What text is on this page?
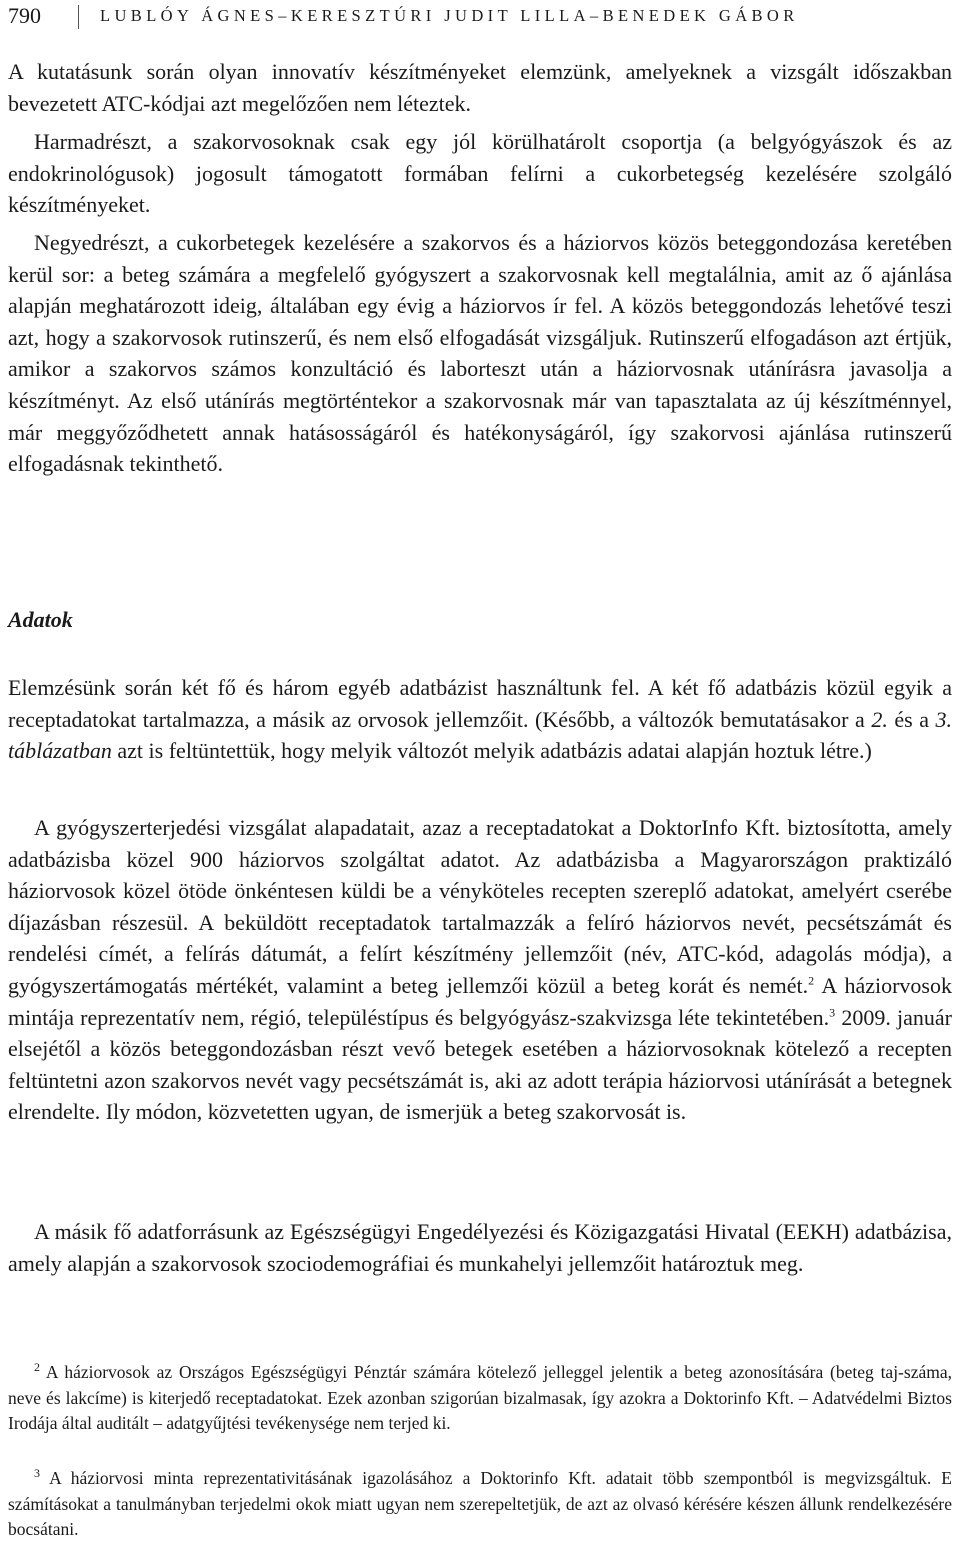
790	LUBLÓY ÁGNES–KERESZTÚRI JUDIT LILLA–BENEDEK GÁBOR

A kutatásunk során olyan innovatív készítményeket elemzünk, amelyeknek a vizsgált időszakban bevezetett ATC-kódjai azt megelőzően nem léteztek.

Harmadrészt, a szakorvosoknak csak egy jól körülhatárolt csoportja (a belgyógyászok és az endokrinológusok) jogosult támogatott formában felírni a cukorbetegség kezelésére szolgáló készítményeket.

Negyedrészt, a cukorbetegek kezelésére a szakorvos és a háziorvos közös beteggondozása keretében kerül sor: a beteg számára a megfelelő gyógyszert a szakorvosnak kell megtalálnia, amit az ő ajánlása alapján meghatározott ideig, általában egy évig a háziorvos ír fel. A közös beteggondozás lehetővé teszi azt, hogy a szakorvosok rutinszerű, és nem első elfogadását vizsgáljuk. Rutinszerű elfogadáson azt értjük, amikor a szakorvos számos konzultáció és laborteszt után a háziorvosnak utánírásra javasolja a készítményt. Az első utánírás megtörténtekor a szakorvosnak már van tapasztalata az új készítménnyel, már meggyőződhetett annak hatásosságáról és hatékonyságáról, így szakorvosi ajánlása rutinszerű elfogadásnak tekinthető.

Adatok

Elemzésünk során két fő és három egyéb adatbázist használtunk fel. A két fő adatbázis közül egyik a receptadatokat tartalmazza, a másik az orvosok jellemzőit. (Később, a változók bemutatásakor a 2. és a 3. táblázatban azt is feltüntettük, hogy melyik változót melyik adatbázis adatai alapján hoztuk létre.)

A gyógyszerterjedési vizsgálat alapadatait, azaz a receptadatokat a DoktorInfo Kft. biztosította, amely adatbázisba közel 900 háziorvos szolgáltat adatot. Az adatbázisba a Magyarországon praktizáló háziorvosok közel ötöde önkéntesen küldi be a vényköteles recepten szereplő adatokat, amelyért cserébe díjazásban részesül. A beküldött receptadatok tartalmazzák a felíró háziorvos nevét, pecsétszámát és rendelési címét, a felírás dátumát, a felírt készítmény jellemzőit (név, ATC-kód, adagolás módja), a gyógyszertámogatás mértékét, valamint a beteg jellemzői közül a beteg korát és nemét.$^2$ A háziorvosok mintája reprezentatív nem, régió, településtípus és belgyógyász-szakvizsga léte tekintetében.$^3$ 2009. január elsejétől a közös beteggondozásban részt vevő betegek esetében a háziorvosoknak kötelező a recepten feltüntetni azon szakorvos nevét vagy pecsétszámát is, aki az adott terápia háziorvosi utánírását a betegnek elrendelte. Ily módon, közvetetten ugyan, de ismerjük a beteg szakorvosát is.

A másik fő adatforrásunk az Egészségügyi Engedélyezési és Közigazgatási Hivatal (EEKH) adatbázisa, amely alapján a szakorvosok szociodemográfiai és munkahelyi jellemzőit határoztuk meg.

$^2$ A háziorvosok az Országos Egészségügyi Pénztár számára kötelező jelleggel jelentik a beteg azonosítására (beteg taj-száma, neve és lakcíme) is kiterjedő receptadatokat. Ezek azonban szigorúan bizalmasak, így azokra a Doktorinfo Kft. – Adatvédelmi Biztos Irodája által auditált – adatgyűjtési tevékenysége nem terjed ki.

$^3$ A háziorvosi minta reprezentativitásának igazolásához a Doktorinfo Kft. adatait több szempontból is megvizsgáltuk. E számításokat a tanulmányban terjedelmi okok miatt ugyan nem szerepeltetjük, de azt az olvasó kérésére készen állunk rendelkezésére bocsátani.
